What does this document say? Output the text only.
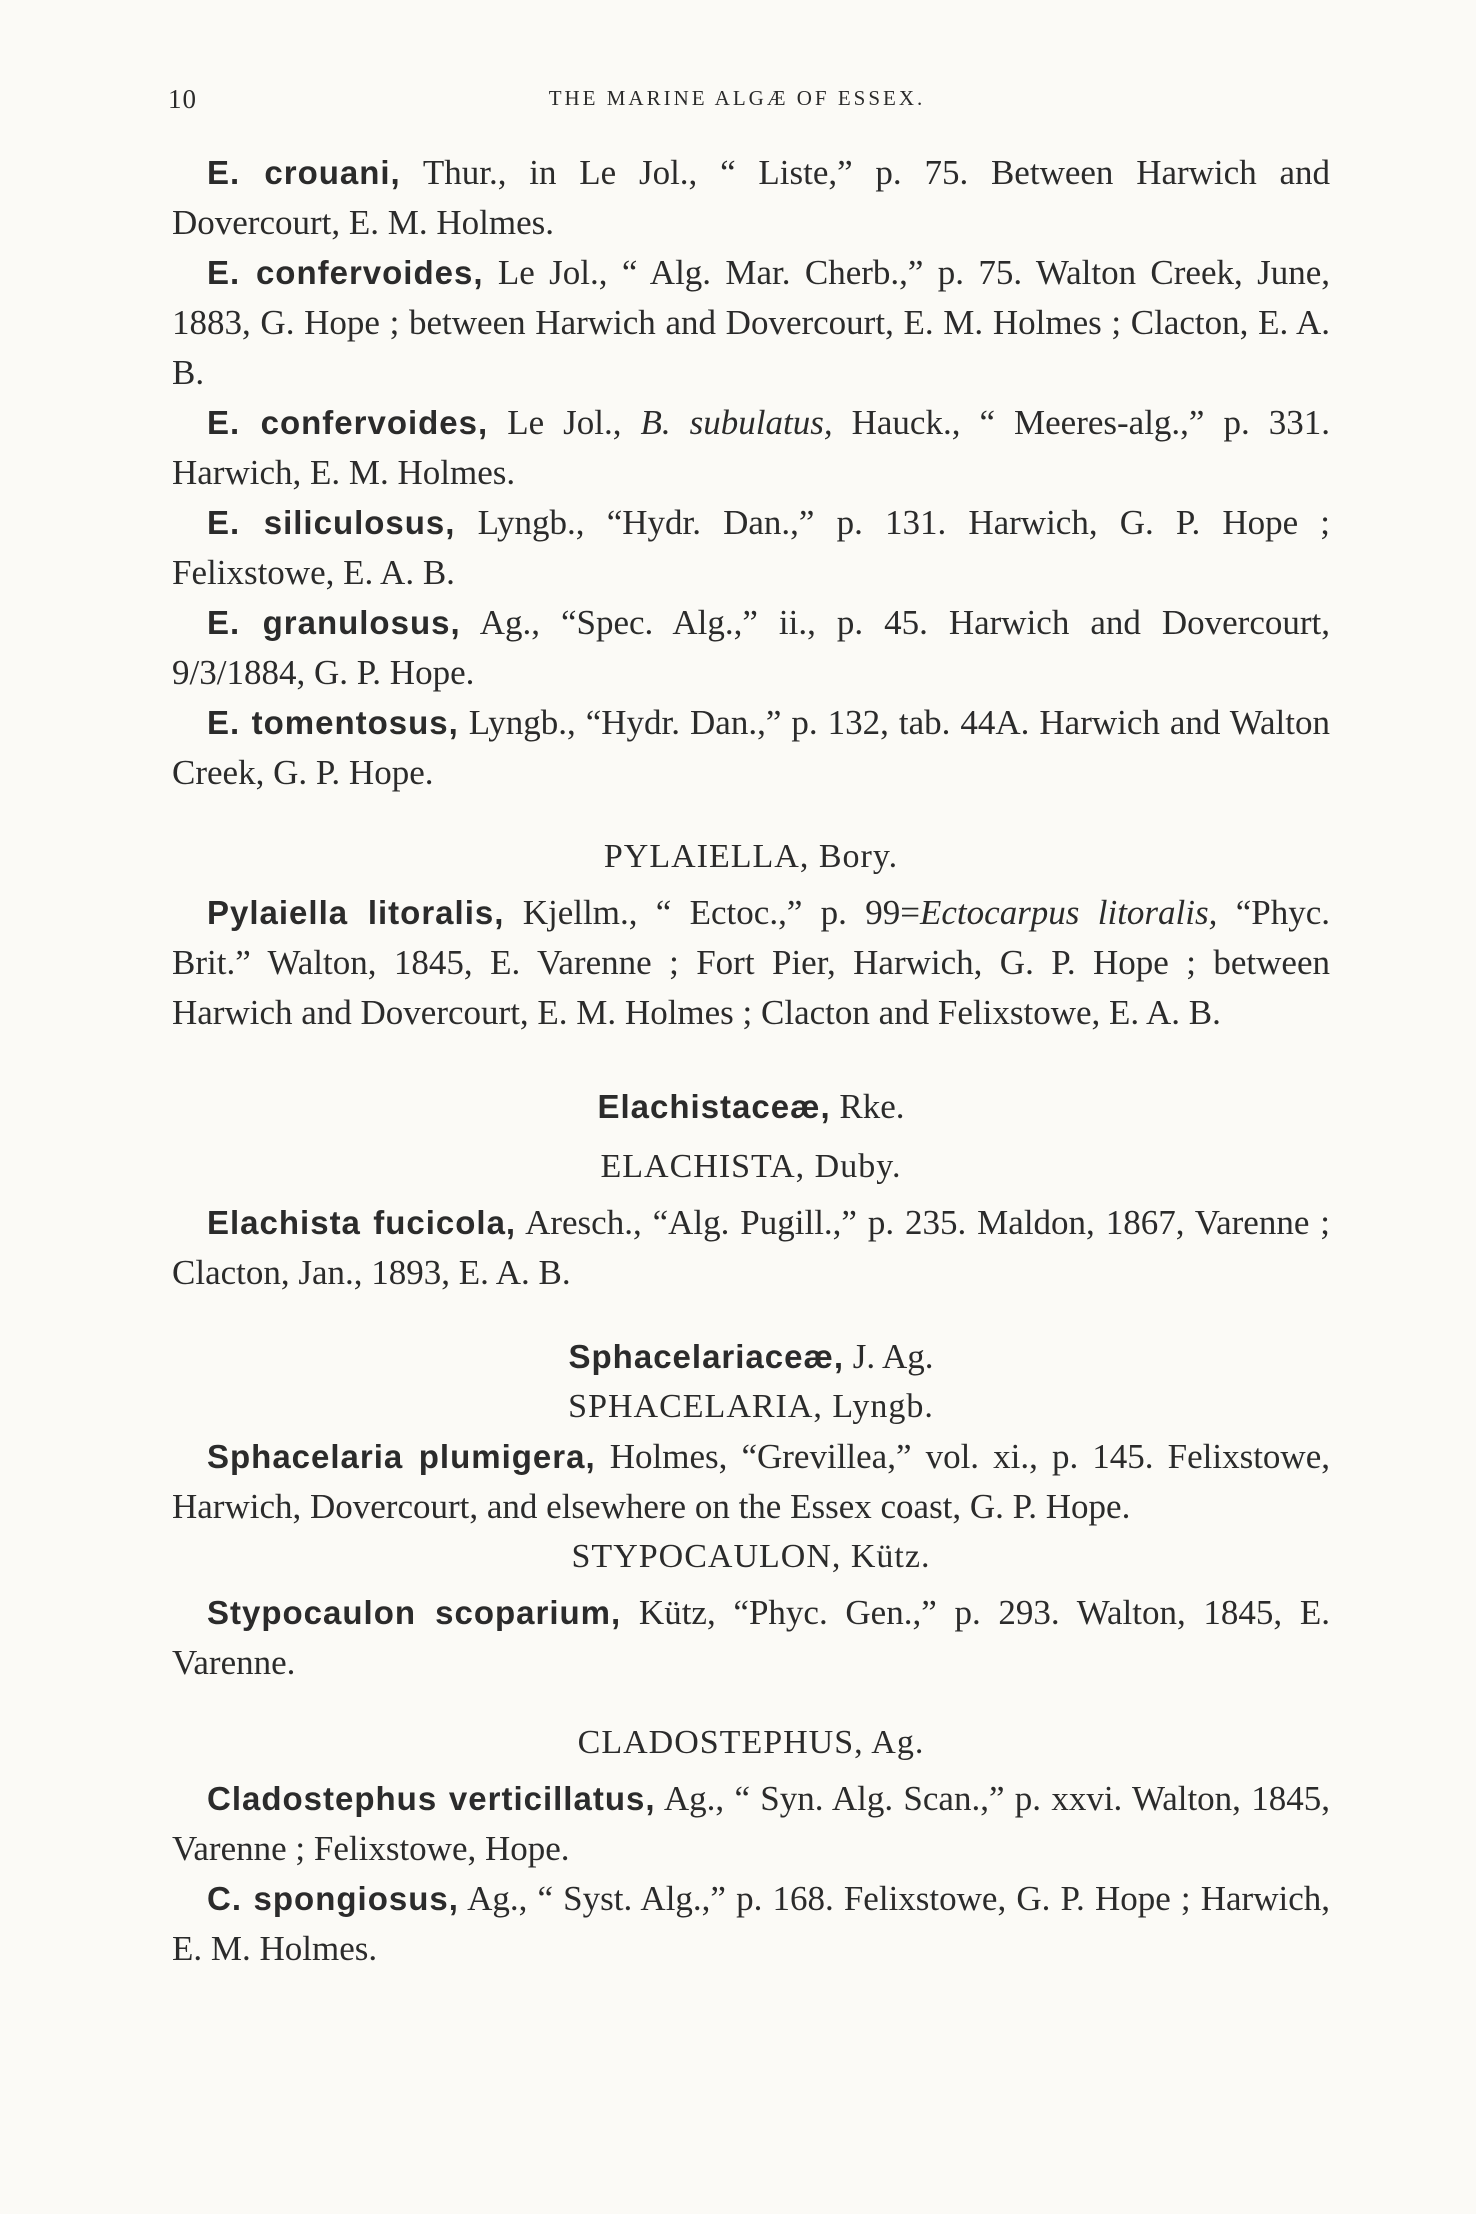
10	THE MARINE ALGÆ OF ESSEX.

E. crouani, Thur., in Le Jol., “ Liste,” p. 75. Between Harwich and Dovercourt, E. M. Holmes.

E. confervoides, Le Jol., “ Alg. Mar. Cherb.,” p. 75. Walton Creek, June, 1883, G. Hope ; between Harwich and Dovercourt, E. M. Holmes ; Clacton, E. A. B.

E. confervoides, Le Jol., B. subulatus, Hauck., “ Meeres-alg.,” p. 331. Harwich, E. M. Holmes.

E. siliculosus, Lyngb., “Hydr. Dan.,” p. 131. Harwich, G. P. Hope ; Felixstowe, E. A. B.

E. granulosus, Ag., “Spec. Alg.,” ii., p. 45. Harwich and Dovercourt, 9/3/1884, G. P. Hope.

E. tomentosus, Lyngb., “Hydr. Dan.,” p. 132, tab. 44A. Harwich and Walton Creek, G. P. Hope.

PYLAIELLA, Bory.

Pylaiella litoralis, Kjellm., “ Ectoc.,” p. 99=Ectocarpus litoralis, “Phyc. Brit.” Walton, 1845, E. Varenne ; Fort Pier, Harwich, G. P. Hope ; between Harwich and Dovercourt, E. M. Holmes ; Clacton and Felixstowe, E. A. B.

Elachistaceæ, Rke.

ELACHISTA, Duby.

Elachista fucicola, Aresch., “Alg. Pugill.,” p. 235. Maldon, 1867, Varenne ; Clacton, Jan., 1893, E. A. B.

Sphacelariaceæ, J. Ag.

SPHACELARIA, Lyngb.

Sphacelaria plumigera, Holmes, “Grevillea,” vol. xi., p. 145. Felixstowe, Harwich, Dovercourt, and elsewhere on the Essex coast, G. P. Hope.

STYPOCAULON, Kütz.

Stypocaulon scoparium, Kütz, “Phyc. Gen.,” p. 293. Walton, 1845, E. Varenne.

CLADOSTEPHUS, Ag.

Cladostephus verticillatus, Ag., “ Syn. Alg. Scan.,” p. xxvi. Walton, 1845, Varenne ; Felixstowe, Hope.

C. spongiosus, Ag., “ Syst. Alg.,” p. 168. Felixstowe, G. P. Hope ; Harwich, E. M. Holmes.
